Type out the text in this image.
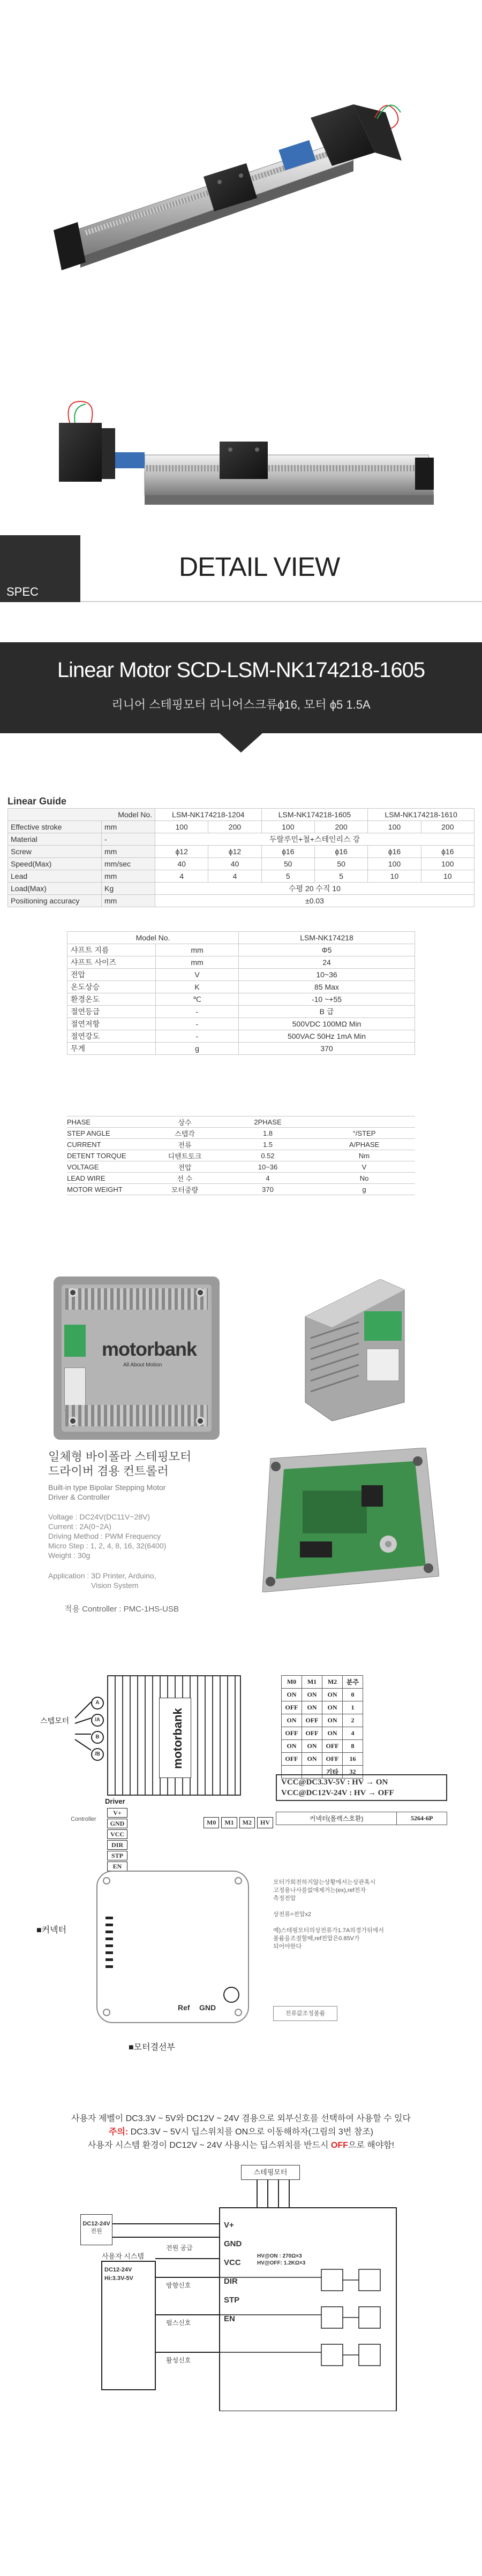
SPEC
DETAIL VIEW
Linear Motor SCD-LSM-NK174218-1605
리니어 스테핑모터 리니어스크류ϕ16, 모터 ϕ5 1.5A
Linear Guide
Model No.		LSM-NK174218-1204		LSM-NK174218-1605		LSM-NK174218-1610	
Effective stroke	mm	100	200	100	200	100	200
Material	-	두랄루민+철+스테인리스 강					
Screw	mm	ϕ12	ϕ12	ϕ16	ϕ16	ϕ16	ϕ16
Speed(Max)	mm/sec	40	40	50	50	100	100
Lead	mm	4	4	5	5	10	10
Load(Max)	Kg	수평 20 수직 10					
Positioning accuracy	mm	±0.03					
Model No.		LSM-NK174218
샤프트 지름	mm	Φ5
샤프트 사이즈	mm	24
전압	V	10~36
온도상승	K	85 Max
환경온도	℃	-10 ~+55
절연등급	-	B 급
절연저항	-	500VDC 100MΩ Min
절연강도	-	500VAC 50Hz 1mA Min
무게	g	370
PHASE	상수	2PHASE	
STEP ANGLE	스텝각	1.8	°/STEP
CURRENT	전류	1.5	A/PHASE
DETENT TORQUE	디텐트토크	0.52	Nm
VOLTAGE	전압	10~36	V
LEAD WIRE	선 수	4	No
MOTOR WEIGHT	모터중량	370	g
motorbank
All About Motion
일체형 바이폴라 스테핑모터
드라이버 겸용 컨트롤러
Built-in type Bipolar Stepping Motor
Driver & Controller
Voltage : DC24V(DC11V~28V)
Current : 2A(0~2A)
Driving Method : PWM Frequency
Micro Step : 1, 2, 4, 8, 16, 32(6400)
Weight : 30g
Application : 3D Printer, Arduino,
Vision System
적용 Controller : PMC-1HS-USB
motorbank
스텝모터
A
/A
B
/B
Driver
Controller
V+
GND
VCC
DIR
STP
EN
M0	M1	M2	HV
M0	M1	M2	분주
ON	ON	ON	0
OFF	ON	ON	1
ON	OFF	ON	2
OFF	OFF	ON	4
ON	ON	OFF	8
OFF	ON	OFF	16
		기타	32
VCC@DC3.3V-5V : HV → ON
VCC@DC12V-24V : HV → OFF
커넥터(몰렉스호환)	5264-6P
■커넥터
Ref GND
모터가회전하지않는상황에서는상관혹시
고정용나사를없애제거는(ex),ref전자
측정전압
상전류=전압x2
예)스테핑모터의상전류가1.7A의경가뒤에서
볼륨을조절할때,ref전압은0.85V가
되어야한다
전류값조정볼륨
■모터결선부
사용자 제벨이 DC3.3V ~ 5V와 DC12V ~ 24V 겸용으로 외부신호를 선택하여 사용할 수 있다
주의: DC3.3V ~ 5V시 딥스위치를 ON으로 이동해하자(그림의 3번 참조)
사용자 시스템 환경이 DC12V ~ 24V 사용시는 딥스위치를 반드시 OFF으로 해야함!
스테핑모터
DC12-24V
전원
사용자 시스템
DC12-24V
Hi:3.3V-5V
V+
GND
VCC
DIR
STP
EN
전원 공급
방향신호
펄스신호
활성신호
HV@ON : 270Ω×3
HV@OFF: 1.2KΩ×3
